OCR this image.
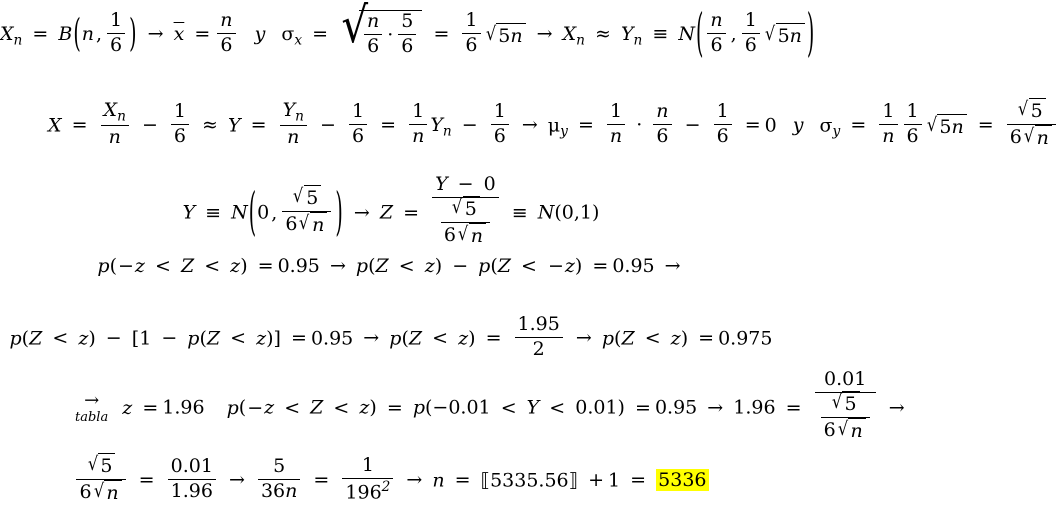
$X_n = B(n$ , $\frac{1}{6}$ ) → $\overline{x} = \frac{n}{6}$ y $\sigma_x$ = √ $\frac{n}{6} \cdot \frac{5}{6} = \frac{1}{6}$ √ $5n \to X_n \approx Y_n \equiv N( \frac{n}{6}$ , $\frac{1}{6}$ √ 5n )
$X = \frac{X_n}{n} - \frac{1}{6} \approx Y = \frac{Y_n}{n} - \frac{1}{6} = \frac{1}{n} Y_n - \frac{1}{6} \to \mu_y = \frac{1}{n} \cdot \frac{n}{6} - \frac{1}{6} = 0$ y $\sigma_y = \frac{1}{n} \frac{1}{6}$ √ 5n = √ $\frac{5}{6 √ n}$
Y ≡ N(0 , √ $\frac{5}{6 √ n}$ ) → Z = Y − 0
√ $\frac{5}{6 √ n} \equiv N(0,1)$
p(−z < Z < z) = 0.95 → p(Z < z) − p(Z < −z) = 0.95 →
$p(Z < z) - [1 - p(Z < z)] = 0.95 \to p(Z < z) = \frac{1.95}{2} \to p(Z < z) = 0.975$
→
tabla z = 1.96 p(−z < Z < z) = p(−0.01 < Y < 0.01) = 0.95 → 1.96 = 0.01
√ $\frac{5}{6 √ n}$ →
√ $\frac{5}{6 √ n} = \frac{0.01}{1.96} \to \frac{5}{36n} = \frac{1}{196^2} \to n$ = ⟦5335.56⟧ + 1 = 5336
